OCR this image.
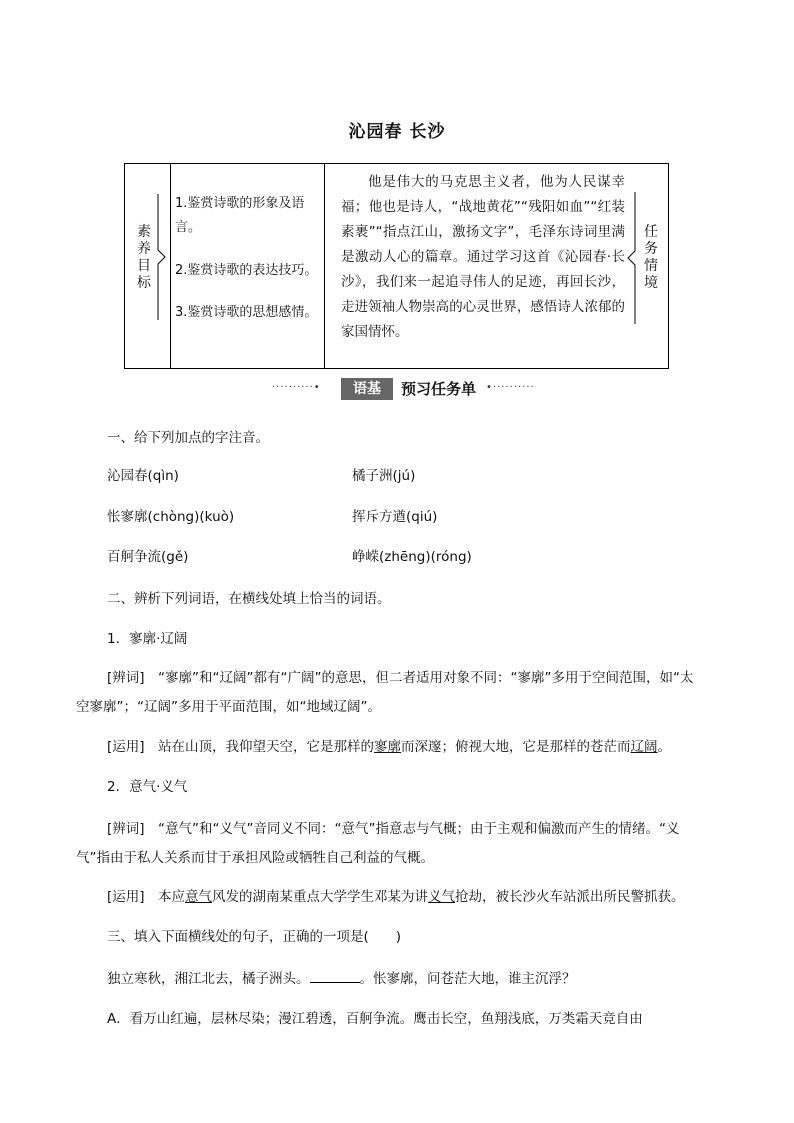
沁园春 长沙
素养目标
1.鉴赏诗歌的形象及语言。
2.鉴赏诗歌的表达技巧。
3.鉴赏诗歌的思想感情。
他是伟大的马克思主义者，他为人民谋幸福；他也是诗人，“战地黄花”“残阳如血”“红装素裹”“指点江山，激扬文字”，毛泽东诗词里满是激动人心的篇章。通过学习这首《沁园春·长沙》，我们来一起追寻伟人的足迹，再回长沙，走进领袖人物崇高的心灵世界，感悟诗人浓郁的家国情怀。
任务情境
··········•	语基	预习任务单 •··········
一、给下列加点的字注音。
沁园春(qìn)	橘子洲(jú)
怅寥廓(chòng)(kuò)	挥斥方遒(qiú)
百舸争流(gě)	峥嵘(zhēng)(róng)
二、辨析下列词语，在横线处填上恰当的词语。
1．寥廓·辽阔
[辨词]　 “寥廓”和“辽阔”都有“广阔”的意思，但二者适用对象不同：“寥廓”多用于空间范围，如“太空寥廓”；“辽阔”多用于平面范围，如“地域辽阔”。
[运用]　 站在山顶，我仰望天空，它是那样的寥廓而深邃；俯视大地，它是那样的苍茫而辽阔。
2．意气·义气
[辨词]　 “意气”和“义气”音同义不同：“意气”指意志与气概；由于主观和偏激而产生的情绪。“义气”指由于私人关系而甘于承担风险或牺牲自己利益的气概。
[运用]　 本应意气风发的湖南某重点大学学生邓某为讲义气抢劫，被长沙火车站派出所民警抓获。
三、填入下面横线处的句子，正确的一项是(　　)
独立寒秋，湘江北去，橘子洲头。	。怅寥廓，问苍茫大地，谁主沉浮？
A．看万山红遍，层林尽染；漫江碧透，百舸争流。鹰击长空，鱼翔浅底，万类霜天竞自由
